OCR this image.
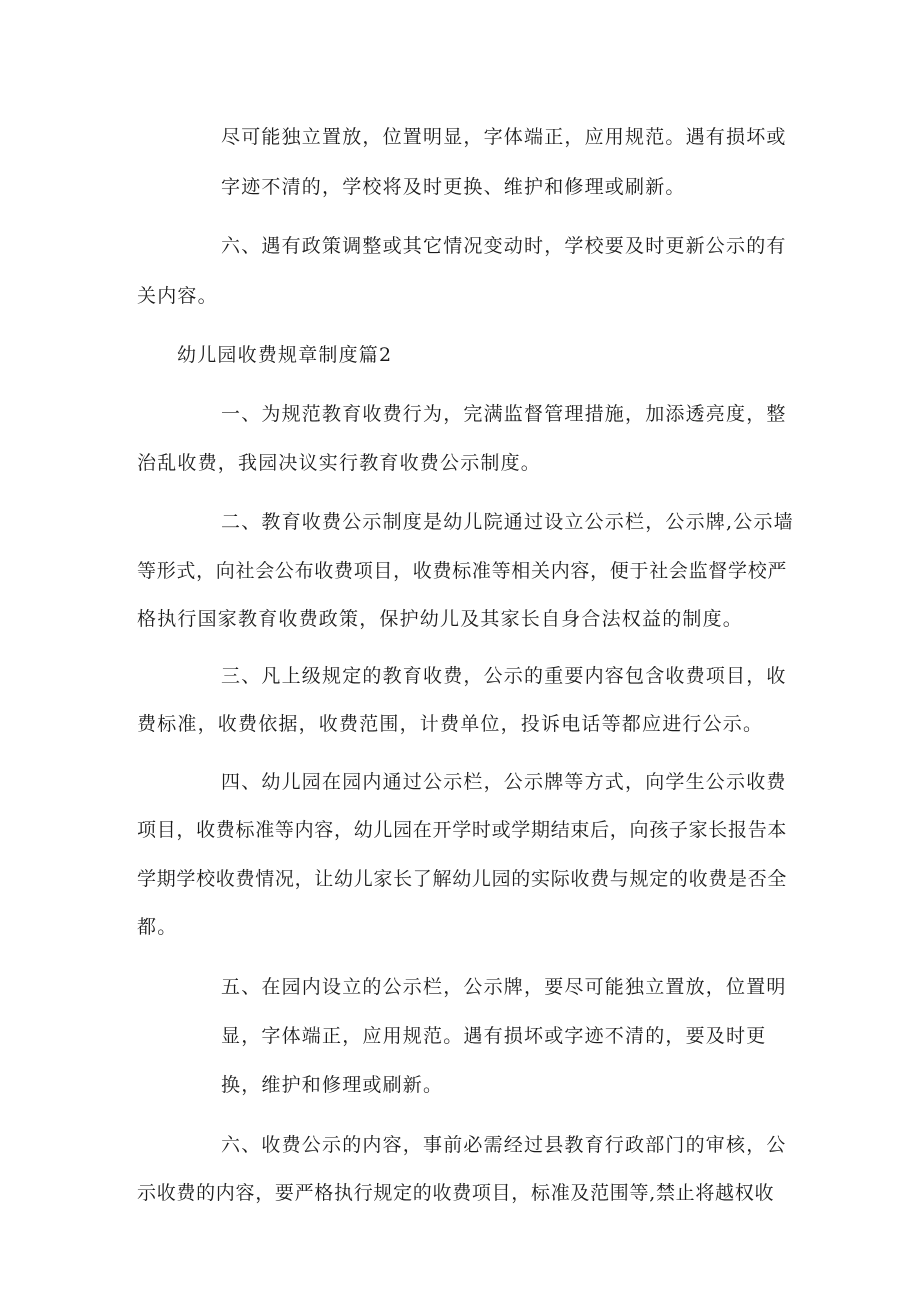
尽可能独立置放，位置明显，字体端正，应用规范。遇有损坏或

字迹不清的，学校将及时更换、维护和修理或刷新。

六、遇有政策调整或其它情况变动时，学校要及时更新公示的有

关内容。

幼儿园收费规章制度篇2

一、为规范教育收费行为，完满监督管理措施，加添透亮度，整

治乱收费，我园决议实行教育收费公示制度。

二、教育收费公示制度是幼儿院通过设立公示栏，公示牌,公示墙

等形式，向社会公布收费项目，收费标准等相关内容，便于社会监督学校严

格执行国家教育收费政策，保护幼儿及其家长自身合法权益的制度。

三、凡上级规定的教育收费，公示的重要内容包含收费项目，收

费标准，收费依据，收费范围，计费单位，投诉电话等都应进行公示。

四、幼儿园在园内通过公示栏，公示牌等方式，向学生公示收费

项目，收费标准等内容，幼儿园在开学时或学期结束后，向孩子家长报告本

学期学校收费情况，让幼儿家长了解幼儿园的实际收费与规定的收费是否全

都。

五、在园内设立的公示栏，公示牌，要尽可能独立置放，位置明

显，字体端正，应用规范。遇有损坏或字迹不清的，要及时更

换，维护和修理或刷新。

六、收费公示的内容，事前必需经过县教育行政部门的审核，公

示收费的内容，要严格执行规定的收费项目，标准及范围等,禁止将越权收
